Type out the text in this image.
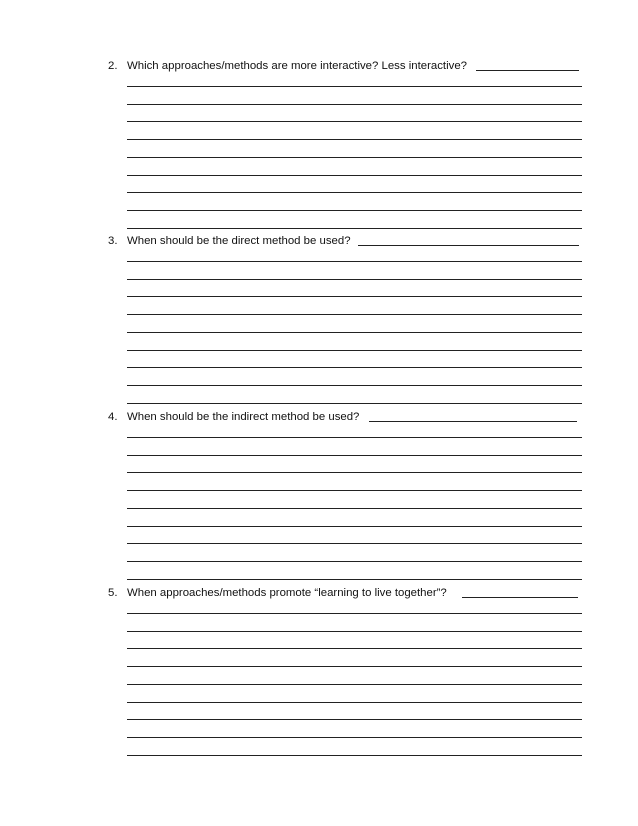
2. Which approaches/methods are more interactive? Less interactive?
3. When should be the direct method be used?
4. When should be the indirect method be used?
5. When approaches/methods promote “learning to live together”?
